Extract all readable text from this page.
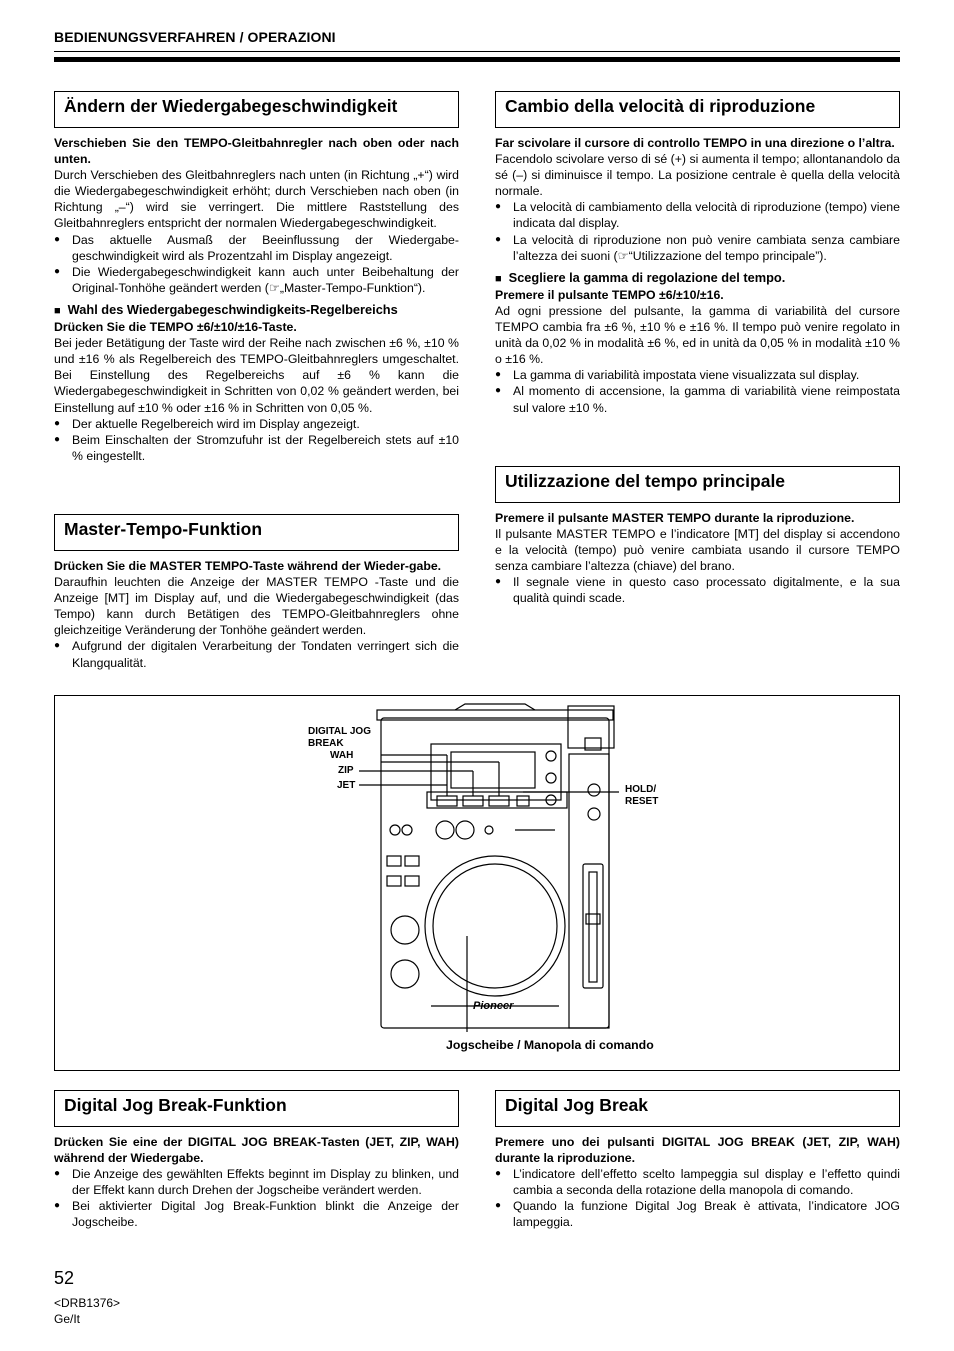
BEDIENUNGSVERFAHREN / OPERAZIONI
Ändern der Wiedergabegeschwindigkeit
Verschieben Sie den TEMPO-Gleitbahnregler nach oben oder nach unten.
Durch Verschieben des Gleitbahnreglers nach unten (in Richtung „+“) wird die Wiedergabegeschwindigkeit erhöht; durch Verschieben nach oben (in Richtung „–“) wird sie verringert. Die mittlere Raststellung des Gleitbahnreglers entspricht der normalen Wiedergabegeschwindigkeit.
● Das aktuelle Ausmaß der Beeinflussung der Wiedergabe-geschwindigkeit wird als Prozentzahl im Display angezeigt.
● Die Wiedergabegeschwindigkeit kann auch unter Beibehaltung der Original-Tonhöhe geändert werden (☞„Master-Tempo-Funktion“).
■ Wahl des Wiedergabegeschwindigkeits-Regelbereichs
Drücken Sie die TEMPO ±6/±10/±16-Taste.
Bei jeder Betätigung der Taste wird der Reihe nach zwischen ±6 %, ±10 % und ±16 % als Regelbereich des TEMPO-Gleitbahnreglers umgeschaltet. Bei Einstellung des Regelbereichs auf ±6 % kann die Wiedergabegeschwindigkeit in Schritten von 0,02 % geändert werden, bei Einstellung auf ±10 % oder ±16 % in Schritten von 0,05 %.
● Der aktuelle Regelbereich wird im Display angezeigt.
● Beim Einschalten der Stromzufuhr ist der Regelbereich stets auf ±10 % eingestellt.
Master-Tempo-Funktion
Drücken Sie die MASTER TEMPO-Taste während der Wieder-gabe.
Daraufhin leuchten die Anzeige der MASTER TEMPO -Taste und die Anzeige [MT] im Display auf, und die Wiedergabegeschwindigkeit (das Tempo) kann durch Betätigen des TEMPO-Gleitbahnreglers ohne gleichzeitige Veränderung der Tonhöhe geändert werden.
● Aufgrund der digitalen Verarbeitung der Tondaten verringert sich die Klangqualität.
Cambio della velocità di riproduzione
Far scivolare il cursore di controllo TEMPO in una direzione o l’altra.
Facendolo scivolare verso di sé (+) si aumenta il tempo; allontanandolo da sé (–) si diminuisce il tempo. La posizione centrale è quella della velocità normale.
● La velocità di cambiamento della velocità di riproduzione (tempo) viene indicata dal display.
● La velocità di riproduzione non può venire cambiata senza cambiare l’altezza dei suoni (☞“Utilizzazione del tempo principale”).
■ Scegliere la gamma di regolazione del tempo.
Premere il pulsante TEMPO ±6/±10/±16.
Ad ogni pressione del pulsante, la gamma di variabilità del cursore TEMPO cambia fra ±6 %, ±10 % e ±16 %. Il tempo può venire regolato in unità da 0,02 % in modalità ±6 %, ed in unità da 0,05 % in modalità ±10 % o ±16 %.
● La gamma di variabilità impostata viene visualizzata sul display.
● Al momento di accensione, la gamma di variabilità viene reimpostata sul valore ±10 %.
Utilizzazione del tempo principale
Premere il pulsante MASTER TEMPO durante la riproduzione.
Il pulsante MASTER TEMPO e l’indicatore [MT] del display si accendono e la velocità (tempo) può venire cambiata usando il cursore TEMPO senza cambiare l’altezza (chiave) del brano.
● Il segnale viene in questo caso processato digitalmente, e la sua qualità quindi scade.
DIGITAL JOG
BREAK
WAH
ZIP
JET	HOLD/
RESET
Pioneer
Jogscheibe / Manopola di comando
Digital Jog Break-Funktion
Drücken Sie eine der DIGITAL JOG BREAK-Tasten (JET, ZIP, WAH) während der Wiedergabe.
● Die Anzeige des gewählten Effekts beginnt im Display zu blinken, und der Effekt kann durch Drehen der Jogscheibe verändert werden.
● Bei aktivierter Digital Jog Break-Funktion blinkt die Anzeige der Jogscheibe.
Digital Jog Break
Premere uno dei pulsanti DIGITAL JOG BREAK (JET, ZIP, WAH) durante la riproduzione.
● L’indicatore dell’effetto scelto lampeggia sul display e l’effetto quindi cambia a seconda della rotazione della manopola di comando.
● Quando la funzione Digital Jog Break è attivata, l’indicatore JOG lampeggia.
52
<DRB1376>
Ge/It
